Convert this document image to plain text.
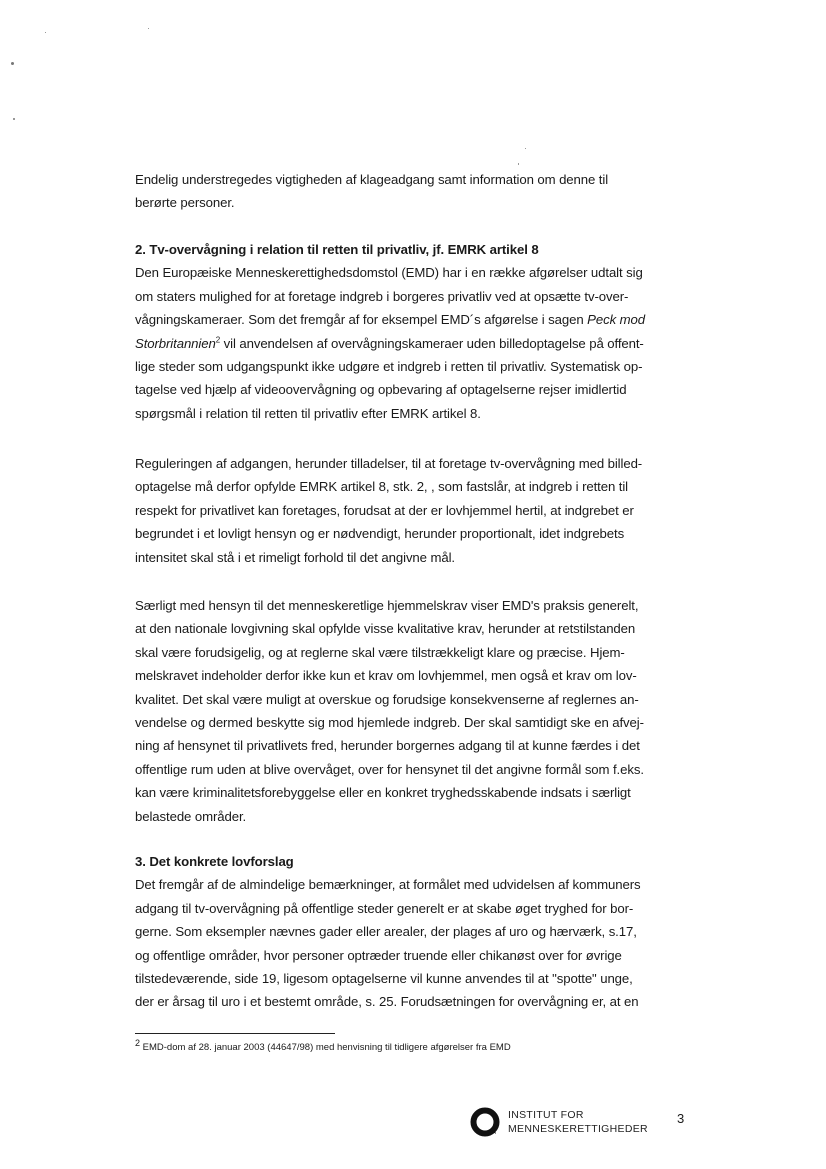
Endelig understregedes vigtigheden af klageadgang samt information om denne til
berørte personer.
2. Tv-overvågning i relation til retten til privatliv, jf. EMRK artikel 8
Den Europæiske Menneskerettighedsdomstol (EMD) har i en række afgørelser udtalt sig
om staters mulighed for at foretage indgreb i borgeres privatliv ved at opsætte tv-over-
vågningskameraer. Som det fremgår af for eksempel EMD´s afgørelse i sagen Peck mod
Storbritannien$^2$ vil anvendelsen af overvågningskameraer uden billedoptagelse på offent-
lige steder som udgangspunkt ikke udgøre et indgreb i retten til privatliv. Systematisk op-
tagelse ved hjælp af videoovervågning og opbevaring af optagelserne rejser imidlertid
spørgsmål i relation til retten til privatliv efter EMRK artikel 8.
Reguleringen af adgangen, herunder tilladelser, til at foretage tv-overvågning med billed-
optagelse må derfor opfylde EMRK artikel 8, stk. 2, , som fastslår, at indgreb i retten til
respekt for privatlivet kan foretages, forudsat at der er lovhjemmel hertil, at indgrebet er
begrundet i et lovligt hensyn og er nødvendigt, herunder proportionalt, idet indgrebets
intensitet skal stå i et rimeligt forhold til det angivne mål.
Særligt med hensyn til det menneskeretlige hjemmelskrav viser EMD's praksis generelt,
at den nationale lovgivning skal opfylde visse kvalitative krav, herunder at retstilstanden
skal være forudsigelig, og at reglerne skal være tilstrækkeligt klare og præcise. Hjem-
melskravet indeholder derfor ikke kun et krav om lovhjemmel, men også et krav om lov-
kvalitet. Det skal være muligt at overskue og forudsige konsekvenserne af reglernes an-
vendelse og dermed beskytte sig mod hjemlede indgreb. Der skal samtidigt ske en afvej-
ning af hensynet til privatlivets fred, herunder borgernes adgang til at kunne færdes i det
offentlige rum uden at blive overvåget, over for hensynet til det angivne formål som f.eks.
kan være kriminalitetsforebyggelse eller en konkret tryghedsskabende indsats i særligt
belastede områder.
3. Det konkrete lovforslag
Det fremgår af de almindelige bemærkninger, at formålet med udvidelsen af kommuners
adgang til tv-overvågning på offentlige steder generelt er at skabe øget tryghed for bor-
gerne. Som eksempler nævnes gader eller arealer, der plages af uro og hærværk, s.17,
og offentlige områder, hvor personer optræder truende eller chikanøst over for øvrige
tilstedeværende, side 19, ligesom optagelserne vil kunne anvendes til at "spotte" unge,
der er årsag til uro i et bestemt område, s. 25. Forudsætningen for overvågning er, at en
$^2$ EMD-dom af 28. januar 2003 (44647/98) med henvisning til tidligere afgørelser fra EMD
INSTITUT FOR
MENNESKERETTIGHEDER
3
